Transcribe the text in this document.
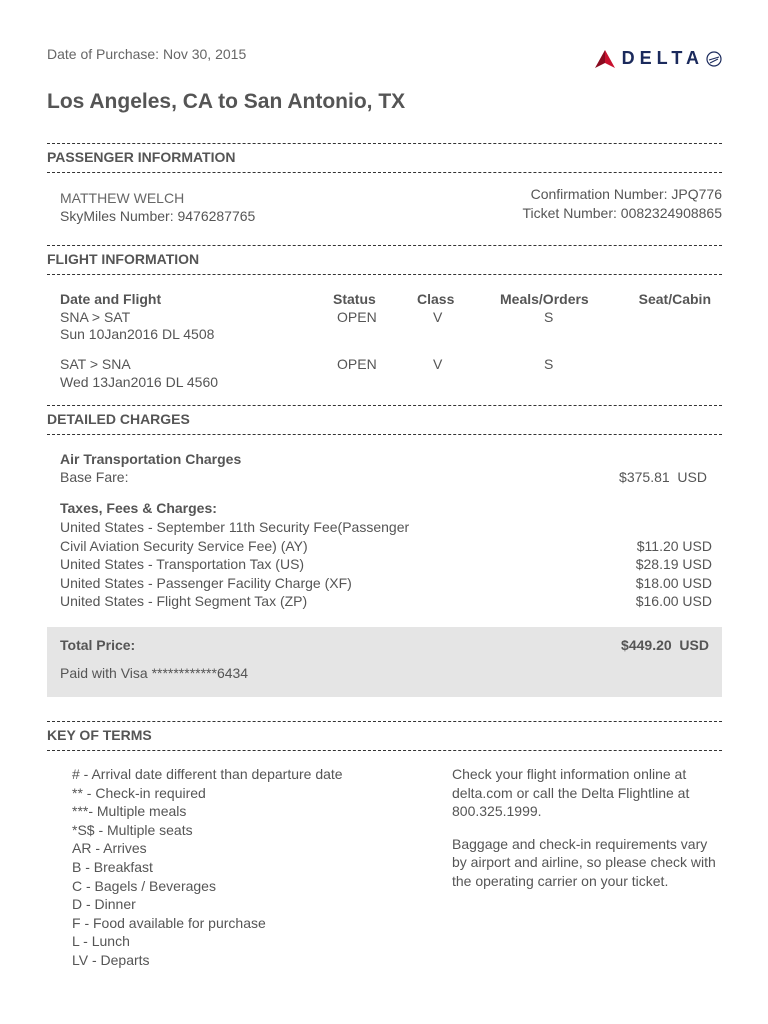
Date of Purchase: Nov 30, 2015	DELTA
Los Angeles, CA to San Antonio, TX
PASSENGER INFORMATION
MATTHEW WELCH
SkyMiles Number: 9476287765
Confirmation Number: JPQ776
Ticket Number: 0082324908865
FLIGHT INFORMATION
Date and Flight	Status	Class	Meals/Orders	Seat/Cabin
SNA > SAT
Sun 10Jan2016 DL 4508
OPEN	V	S
SAT > SNA
Wed 13Jan2016 DL 4560
OPEN	V	S
DETAILED CHARGES
Air Transportation Charges
Base Fare:	$375.81  USD
Taxes, Fees & Charges:
United States - September 11th Security Fee(Passenger
Civil Aviation Security Service Fee) (AY)	$11.20 USD
United States - Transportation Tax (US)	$28.19 USD
United States - Passenger Facility Charge (XF)	$18.00 USD
United States - Flight Segment Tax (ZP)	$16.00 USD
Total Price:	$449.20  USD
Paid with Visa ************6434
KEY OF TERMS
# - Arrival date different than departure date
** - Check-in required
***- Multiple meals
*S$ - Multiple seats
AR - Arrives
B - Breakfast
C - Bagels / Beverages
D - Dinner
F - Food available for purchase
L - Lunch
LV - Departs

Check your flight information online at delta.com or call the Delta Flightline at 800.325.1999.

Baggage and check-in requirements vary by airport and airline, so please check with the operating carrier on your ticket.
